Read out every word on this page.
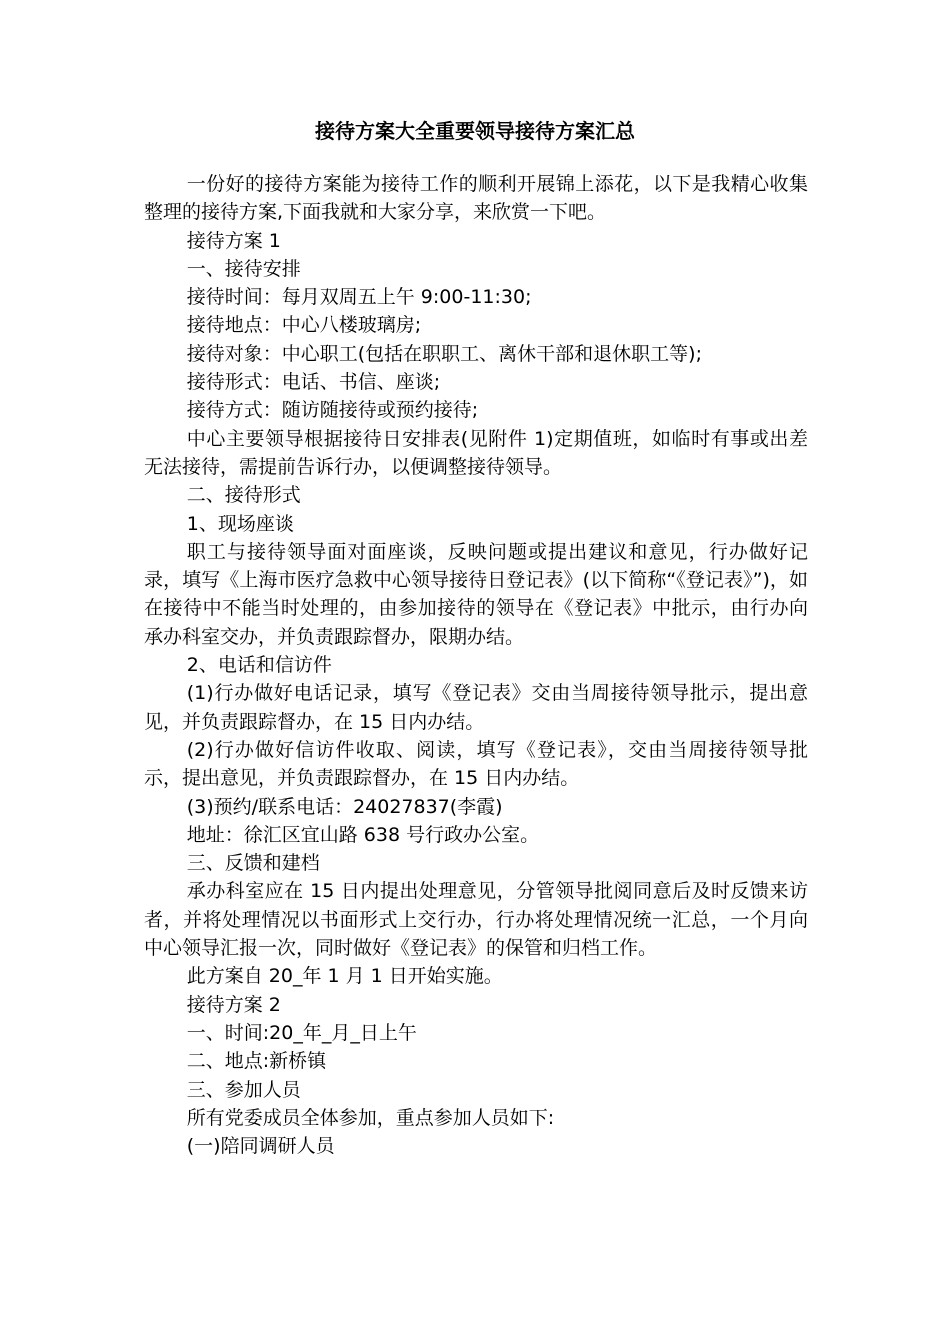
接待方案大全重要领导接待方案汇总

一份好的接待方案能为接待工作的顺利开展锦上添花，以下是我精心收集整理的接待方案,下面我就和大家分享，来欣赏一下吧。

接待方案 1

一、接待安排

接待时间：每月双周五上午 9:00-11:30;

接待地点：中心八楼玻璃房;

接待对象：中心职工(包括在职职工、离休干部和退休职工等);

接待形式：电话、书信、座谈;

接待方式：随访随接待或预约接待;

中心主要领导根据接待日安排表(见附件 1)定期值班，如临时有事或出差无法接待，需提前告诉行办，以便调整接待领导。

二、接待形式

1、现场座谈

职工与接待领导面对面座谈，反映问题或提出建议和意见，行办做好记录，填写《上海市医疗急救中心领导接待日登记表》(以下简称“《登记表》”)，如在接待中不能当时处理的，由参加接待的领导在《登记表》中批示，由行办向承办科室交办，并负责跟踪督办，限期办结。

2、电话和信访件

(1)行办做好电话记录，填写《登记表》交由当周接待领导批示，提出意见，并负责跟踪督办，在 15 日内办结。

(2)行办做好信访件收取、阅读，填写《登记表》，交由当周接待领导批示，提出意见，并负责跟踪督办，在 15 日内办结。

(3)预约/联系电话：24027837(李霞)

地址：徐汇区宜山路 638 号行政办公室。

三、反馈和建档

承办科室应在 15 日内提出处理意见，分管领导批阅同意后及时反馈来访者，并将处理情况以书面形式上交行办，行办将处理情况统一汇总，一个月向中心领导汇报一次，同时做好《登记表》的保管和归档工作。

此方案自 20_年 1 月 1 日开始实施。

接待方案 2

一、时间:20_年_月_日上午

二、地点:新桥镇

三、参加人员

所有党委成员全体参加，重点参加人员如下:

(一)陪同调研人员
